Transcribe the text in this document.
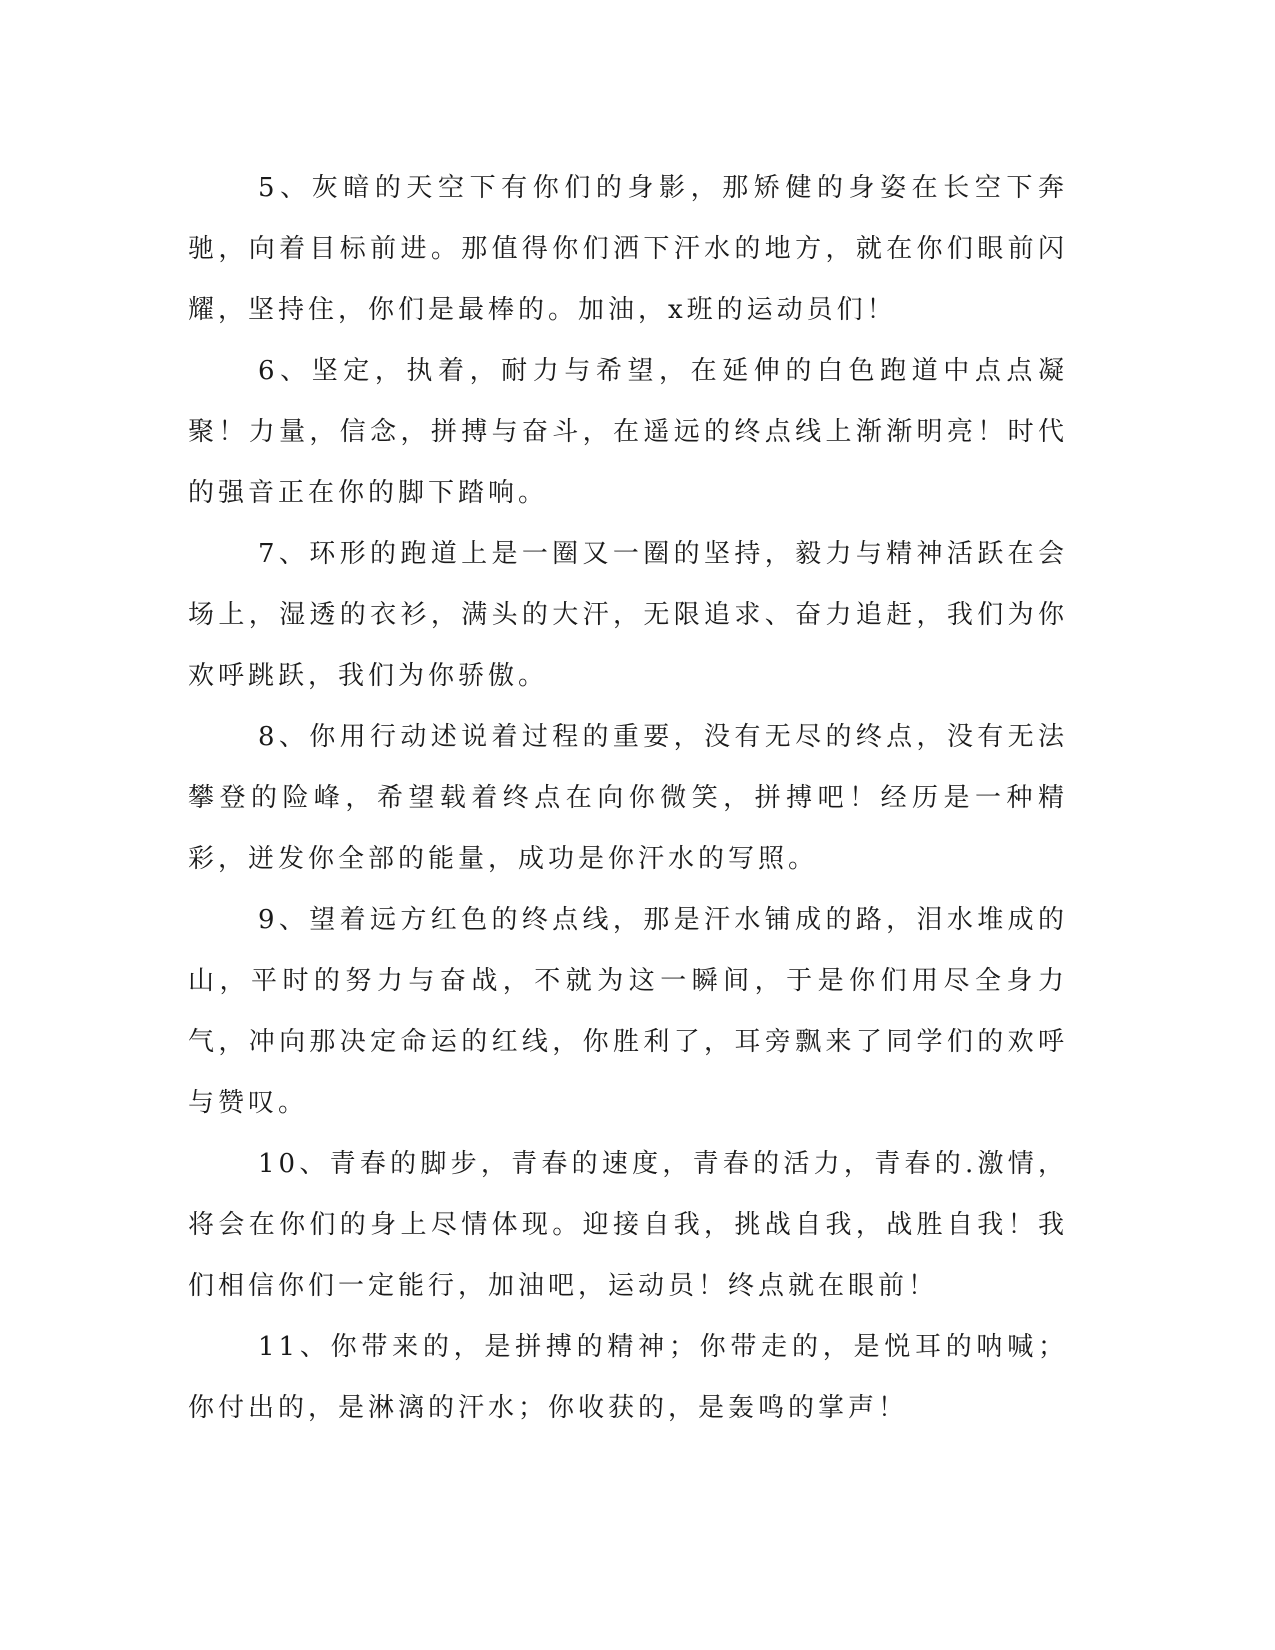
5、灰暗的天空下有你们的身影，那矫健的身姿在长空下奔驰，向着目标前进。那值得你们洒下汗水的地方，就在你们眼前闪耀，坚持住，你们是最棒的。加油，x班的运动员们！

6、坚定，执着，耐力与希望，在延伸的白色跑道中点点凝聚！力量，信念，拼搏与奋斗，在遥远的终点线上渐渐明亮！时代的强音正在你的脚下踏响。

7、环形的跑道上是一圈又一圈的坚持，毅力与精神活跃在会场上，湿透的衣衫，满头的大汗，无限追求、奋力追赶，我们为你欢呼跳跃，我们为你骄傲。

8、你用行动述说着过程的重要，没有无尽的终点，没有无法攀登的险峰，希望载着终点在向你微笑，拼搏吧！经历是一种精彩，迸发你全部的能量，成功是你汗水的写照。

9、望着远方红色的终点线，那是汗水铺成的路，泪水堆成的山，平时的努力与奋战，不就为这一瞬间，于是你们用尽全身力气，冲向那决定命运的红线，你胜利了，耳旁飘来了同学们的欢呼与赞叹。

10、青春的脚步，青春的速度，青春的活力，青春的.激情，将会在你们的身上尽情体现。迎接自我，挑战自我，战胜自我！我们相信你们一定能行，加油吧，运动员！终点就在眼前！

11、你带来的，是拼搏的精神；你带走的，是悦耳的呐喊；你付出的，是淋漓的汗水；你收获的，是轰鸣的掌声！
